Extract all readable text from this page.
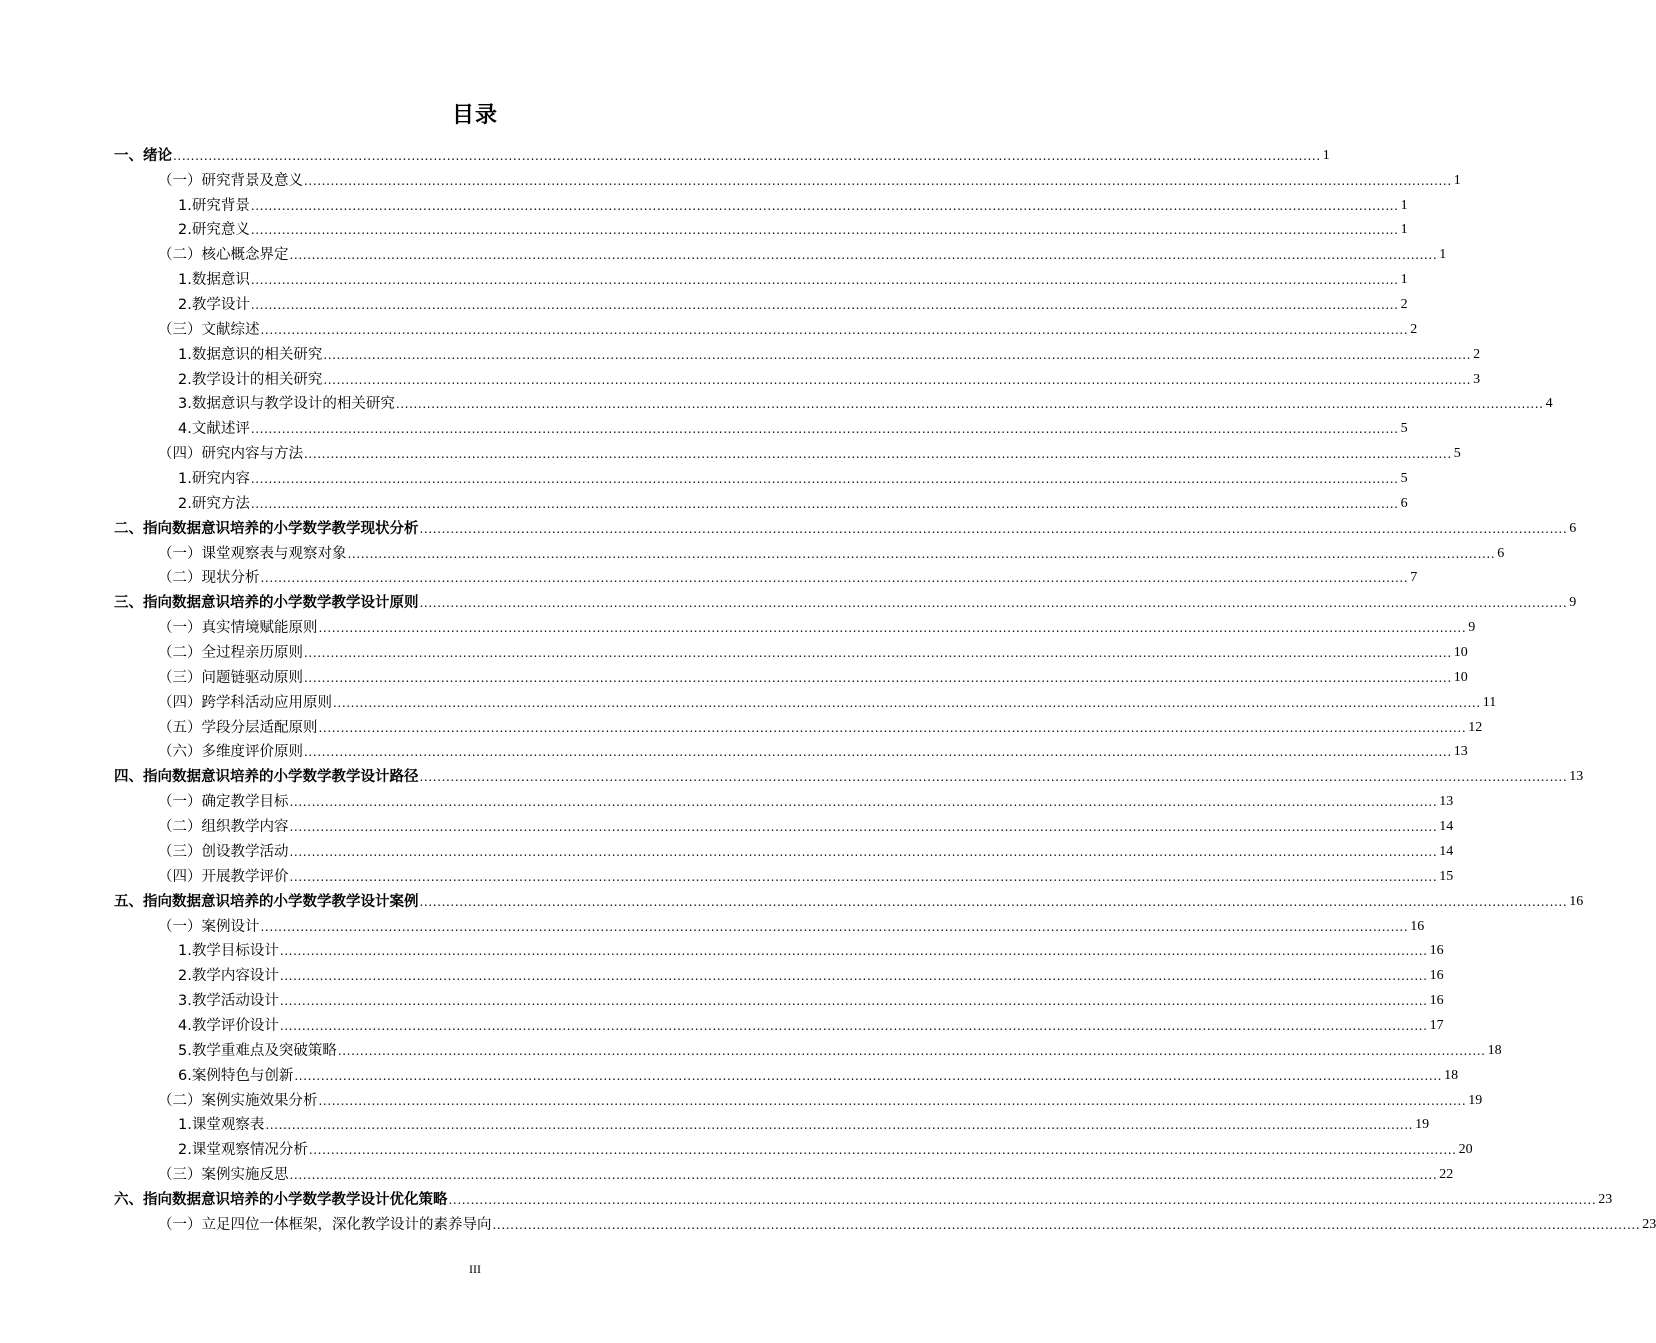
目录
一、绪论 .................................................................................................................................................................................................................................................................... 1
（一）研究背景及意义 .................................................................................................................................................................................................................................................................... 1
1.研究背景 .................................................................................................................................................................................................................................................................... 1
2.研究意义 .................................................................................................................................................................................................................................................................... 1
（二）核心概念界定 .................................................................................................................................................................................................................................................................... 1
1.数据意识 .................................................................................................................................................................................................................................................................... 1
2.教学设计 .................................................................................................................................................................................................................................................................... 2
（三）文献综述 .................................................................................................................................................................................................................................................................... 2
1.数据意识的相关研究 .................................................................................................................................................................................................................................................................... 2
2.教学设计的相关研究 .................................................................................................................................................................................................................................................................... 3
3.数据意识与教学设计的相关研究 .................................................................................................................................................................................................................................................................... 4
4.文献述评 .................................................................................................................................................................................................................................................................... 5
（四）研究内容与方法 .................................................................................................................................................................................................................................................................... 5
1.研究内容 .................................................................................................................................................................................................................................................................... 5
2.研究方法 .................................................................................................................................................................................................................................................................... 6
二、指向数据意识培养的小学数学教学现状分析 .................................................................................................................................................................................................................................................................... 6
（一）课堂观察表与观察对象 .................................................................................................................................................................................................................................................................... 6
（二）现状分析 .................................................................................................................................................................................................................................................................... 7
三、指向数据意识培养的小学数学教学设计原则 .................................................................................................................................................................................................................................................................... 9
（一）真实情境赋能原则 .................................................................................................................................................................................................................................................................... 9
（二）全过程亲历原则 .................................................................................................................................................................................................................................................................... 10
（三）问题链驱动原则 .................................................................................................................................................................................................................................................................... 10
（四）跨学科活动应用原则 .................................................................................................................................................................................................................................................................... 11
（五）学段分层适配原则 .................................................................................................................................................................................................................................................................... 12
（六）多维度评价原则 .................................................................................................................................................................................................................................................................... 13
四、指向数据意识培养的小学数学教学设计路径 .................................................................................................................................................................................................................................................................... 13
（一）确定教学目标 .................................................................................................................................................................................................................................................................... 13
（二）组织教学内容 .................................................................................................................................................................................................................................................................... 14
（三）创设教学活动 .................................................................................................................................................................................................................................................................... 14
（四）开展教学评价 .................................................................................................................................................................................................................................................................... 15
五、指向数据意识培养的小学数学教学设计案例 .................................................................................................................................................................................................................................................................... 16
（一）案例设计 .................................................................................................................................................................................................................................................................... 16
1.教学目标设计 .................................................................................................................................................................................................................................................................... 16
2.教学内容设计 .................................................................................................................................................................................................................................................................... 16
3.教学活动设计 .................................................................................................................................................................................................................................................................... 16
4.教学评价设计 .................................................................................................................................................................................................................................................................... 17
5.教学重难点及突破策略 .................................................................................................................................................................................................................................................................... 18
6.案例特色与创新 .................................................................................................................................................................................................................................................................... 18
（二）案例实施效果分析 .................................................................................................................................................................................................................................................................... 19
1.课堂观察表 .................................................................................................................................................................................................................................................................... 19
2.课堂观察情况分析 .................................................................................................................................................................................................................................................................... 20
（三）案例实施反思 .................................................................................................................................................................................................................................................................... 22
六、指向数据意识培养的小学数学教学设计优化策略 .................................................................................................................................................................................................................................................................... 23
（一）立足四位一体框架，深化教学设计的素养导向 .................................................................................................................................................................................................................................................................... 23
III
